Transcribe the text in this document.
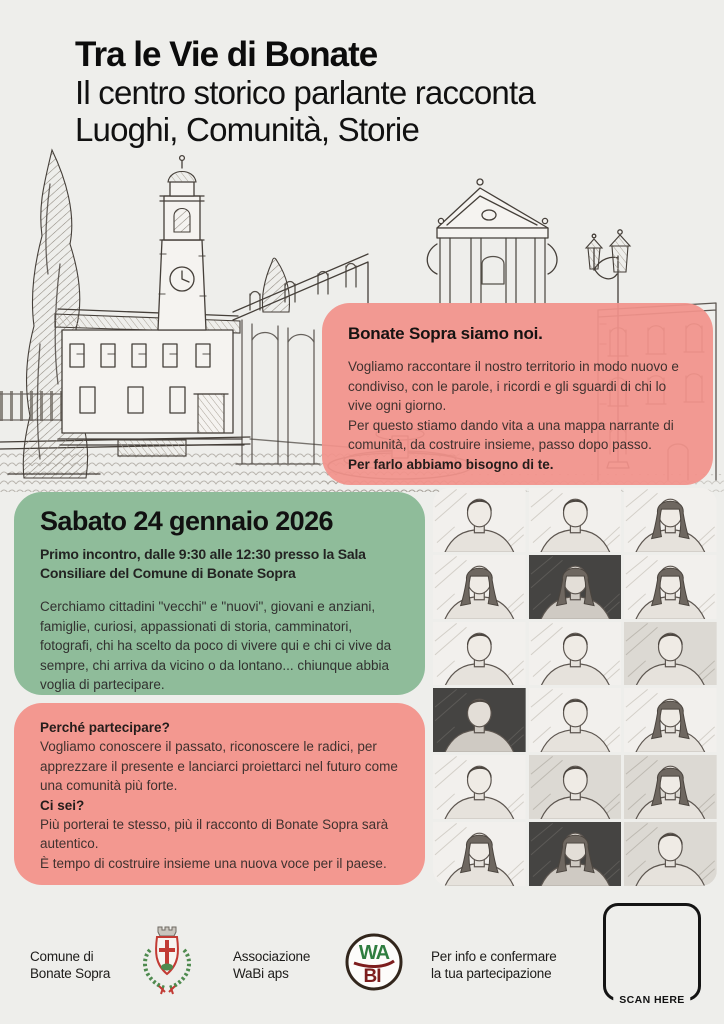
Tra le Vie di Bonate
Il centro storico parlante racconta
Luoghi, Comunità, Storie
Bonate Sopra siamo noi.

Vogliamo raccontare il nostro territorio in modo nuovo e condiviso, con le parole, i ricordi e gli sguardi di chi lo vive ogni giorno.

Per questo stiamo dando vita a una mappa narrante di comunità, da costruire insieme, passo dopo passo.

Per farlo abbiamo bisogno di te.

Sabato 24 gennaio 2026

Primo incontro, dalle 9:30 alle 12:30 presso la Sala Consiliare del Comune di Bonate Sopra

Cerchiamo cittadini "vecchi" e "nuovi", giovani e anziani, famiglie, curiosi, appassionati di storia, camminatori, fotografi, chi ha scelto da poco di vivere qui e chi ci vive da sempre, chi arriva da vicino o da lontano... chiunque abbia voglia di partecipare.

Perché partecipare?

Vogliamo conoscere il passato, riconoscere le radici, per apprezzare il presente e lanciarci proiettarci nel futuro come una comunità più forte.

Ci sei?

Più porterai te stesso, più il racconto di Bonate Sopra sarà autentico.

È tempo di costruire insieme una nuova voce per il paese.

Comune di
Bonate Sopra
Associazione
WaBi aps
WA
BI
Per info e confermare
la tua partecipazione
SCAN HERE
